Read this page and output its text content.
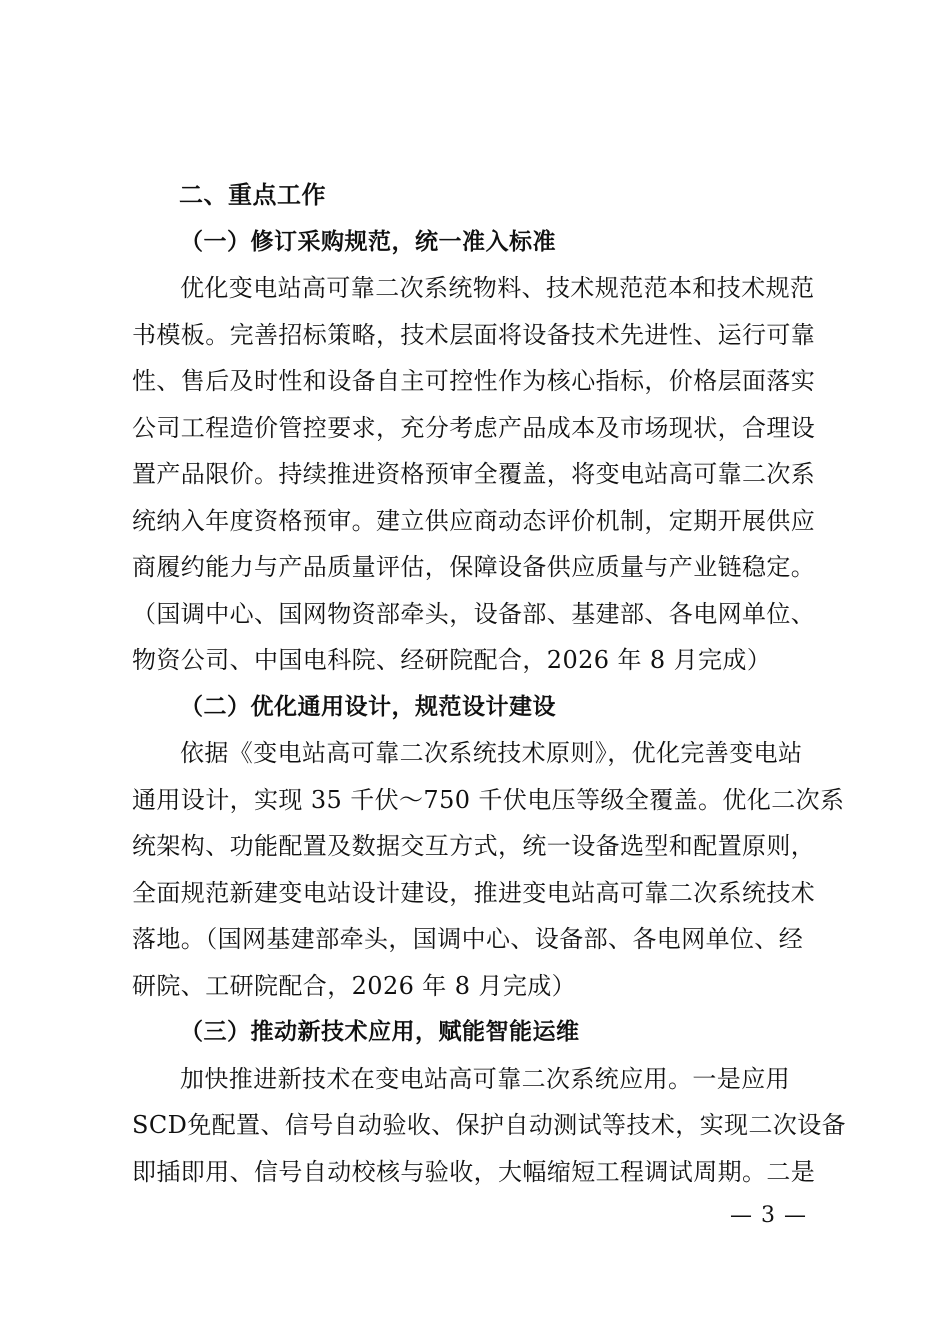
二、重点工作
（一）修订采购规范，统一准入标准
优化变电站高可靠二次系统物料、技术规范范本和技术规范
书模板。完善招标策略，技术层面将设备技术先进性、运行可靠
性、售后及时性和设备自主可控性作为核心指标，价格层面落实
公司工程造价管控要求，充分考虑产品成本及市场现状，合理设
置产品限价。持续推进资格预审全覆盖，将变电站高可靠二次系
统纳入年度资格预审。建立供应商动态评价机制，定期开展供应
商履约能力与产品质量评估，保障设备供应质量与产业链稳定。
（国调中心、国网物资部牵头，设备部、基建部、各电网单位、
物资公司、中国电科院、经研院配合，2026 年 8 月完成）
（二）优化通用设计，规范设计建设
依据《变电站高可靠二次系统技术原则》，优化完善变电站
通用设计，实现 35 千伏～750 千伏电压等级全覆盖。优化二次系
统架构、功能配置及数据交互方式，统一设备选型和配置原则，
全面规范新建变电站设计建设，推进变电站高可靠二次系统技术
落地。（国网基建部牵头，国调中心、设备部、各电网单位、经
研院、工研院配合，2026 年 8 月完成）
（三）推动新技术应用，赋能智能运维
加快推进新技术在变电站高可靠二次系统应用。一是应用
SCD免配置、信号自动验收、保护自动测试等技术，实现二次设备
即插即用、信号自动校核与验收，大幅缩短工程调试周期。二是
— 3 —
